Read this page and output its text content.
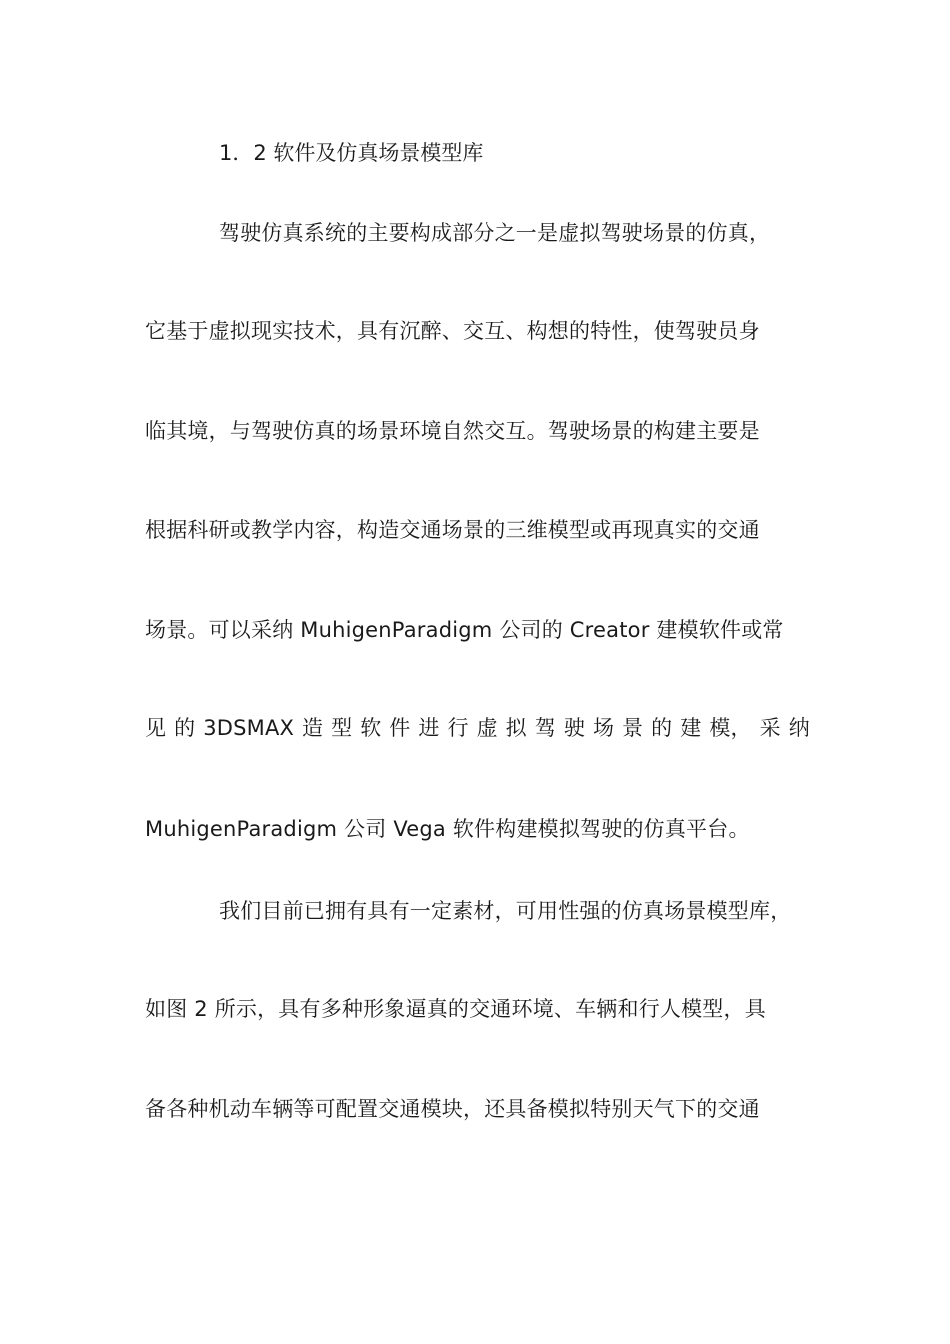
1．2 软件及仿真场景模型库
驾驶仿真系统的主要构成部分之一是虚拟驾驶场景的仿真，
它基于虚拟现实技术，具有沉醉、交互、构想的特性，使驾驶员身
临其境，与驾驶仿真的场景环境自然交互。驾驶场景的构建主要是
根据科研或教学内容，构造交通场景的三维模型或再现真实的交通
场景。可以采纳 MuhigenParadigm 公司的 Creator 建模软件或常
见 的 3DSMAX 造 型 软 件 进 行 虚 拟 驾 驶 场 景 的 建 模， 采 纳
MuhigenParadigm 公司 Vega 软件构建模拟驾驶的仿真平台。
我们目前已拥有具有一定素材，可用性强的仿真场景模型库，
如图 2 所示，具有多种形象逼真的交通环境、车辆和行人模型，具
备各种机动车辆等可配置交通模块，还具备模拟特别天气下的交通
